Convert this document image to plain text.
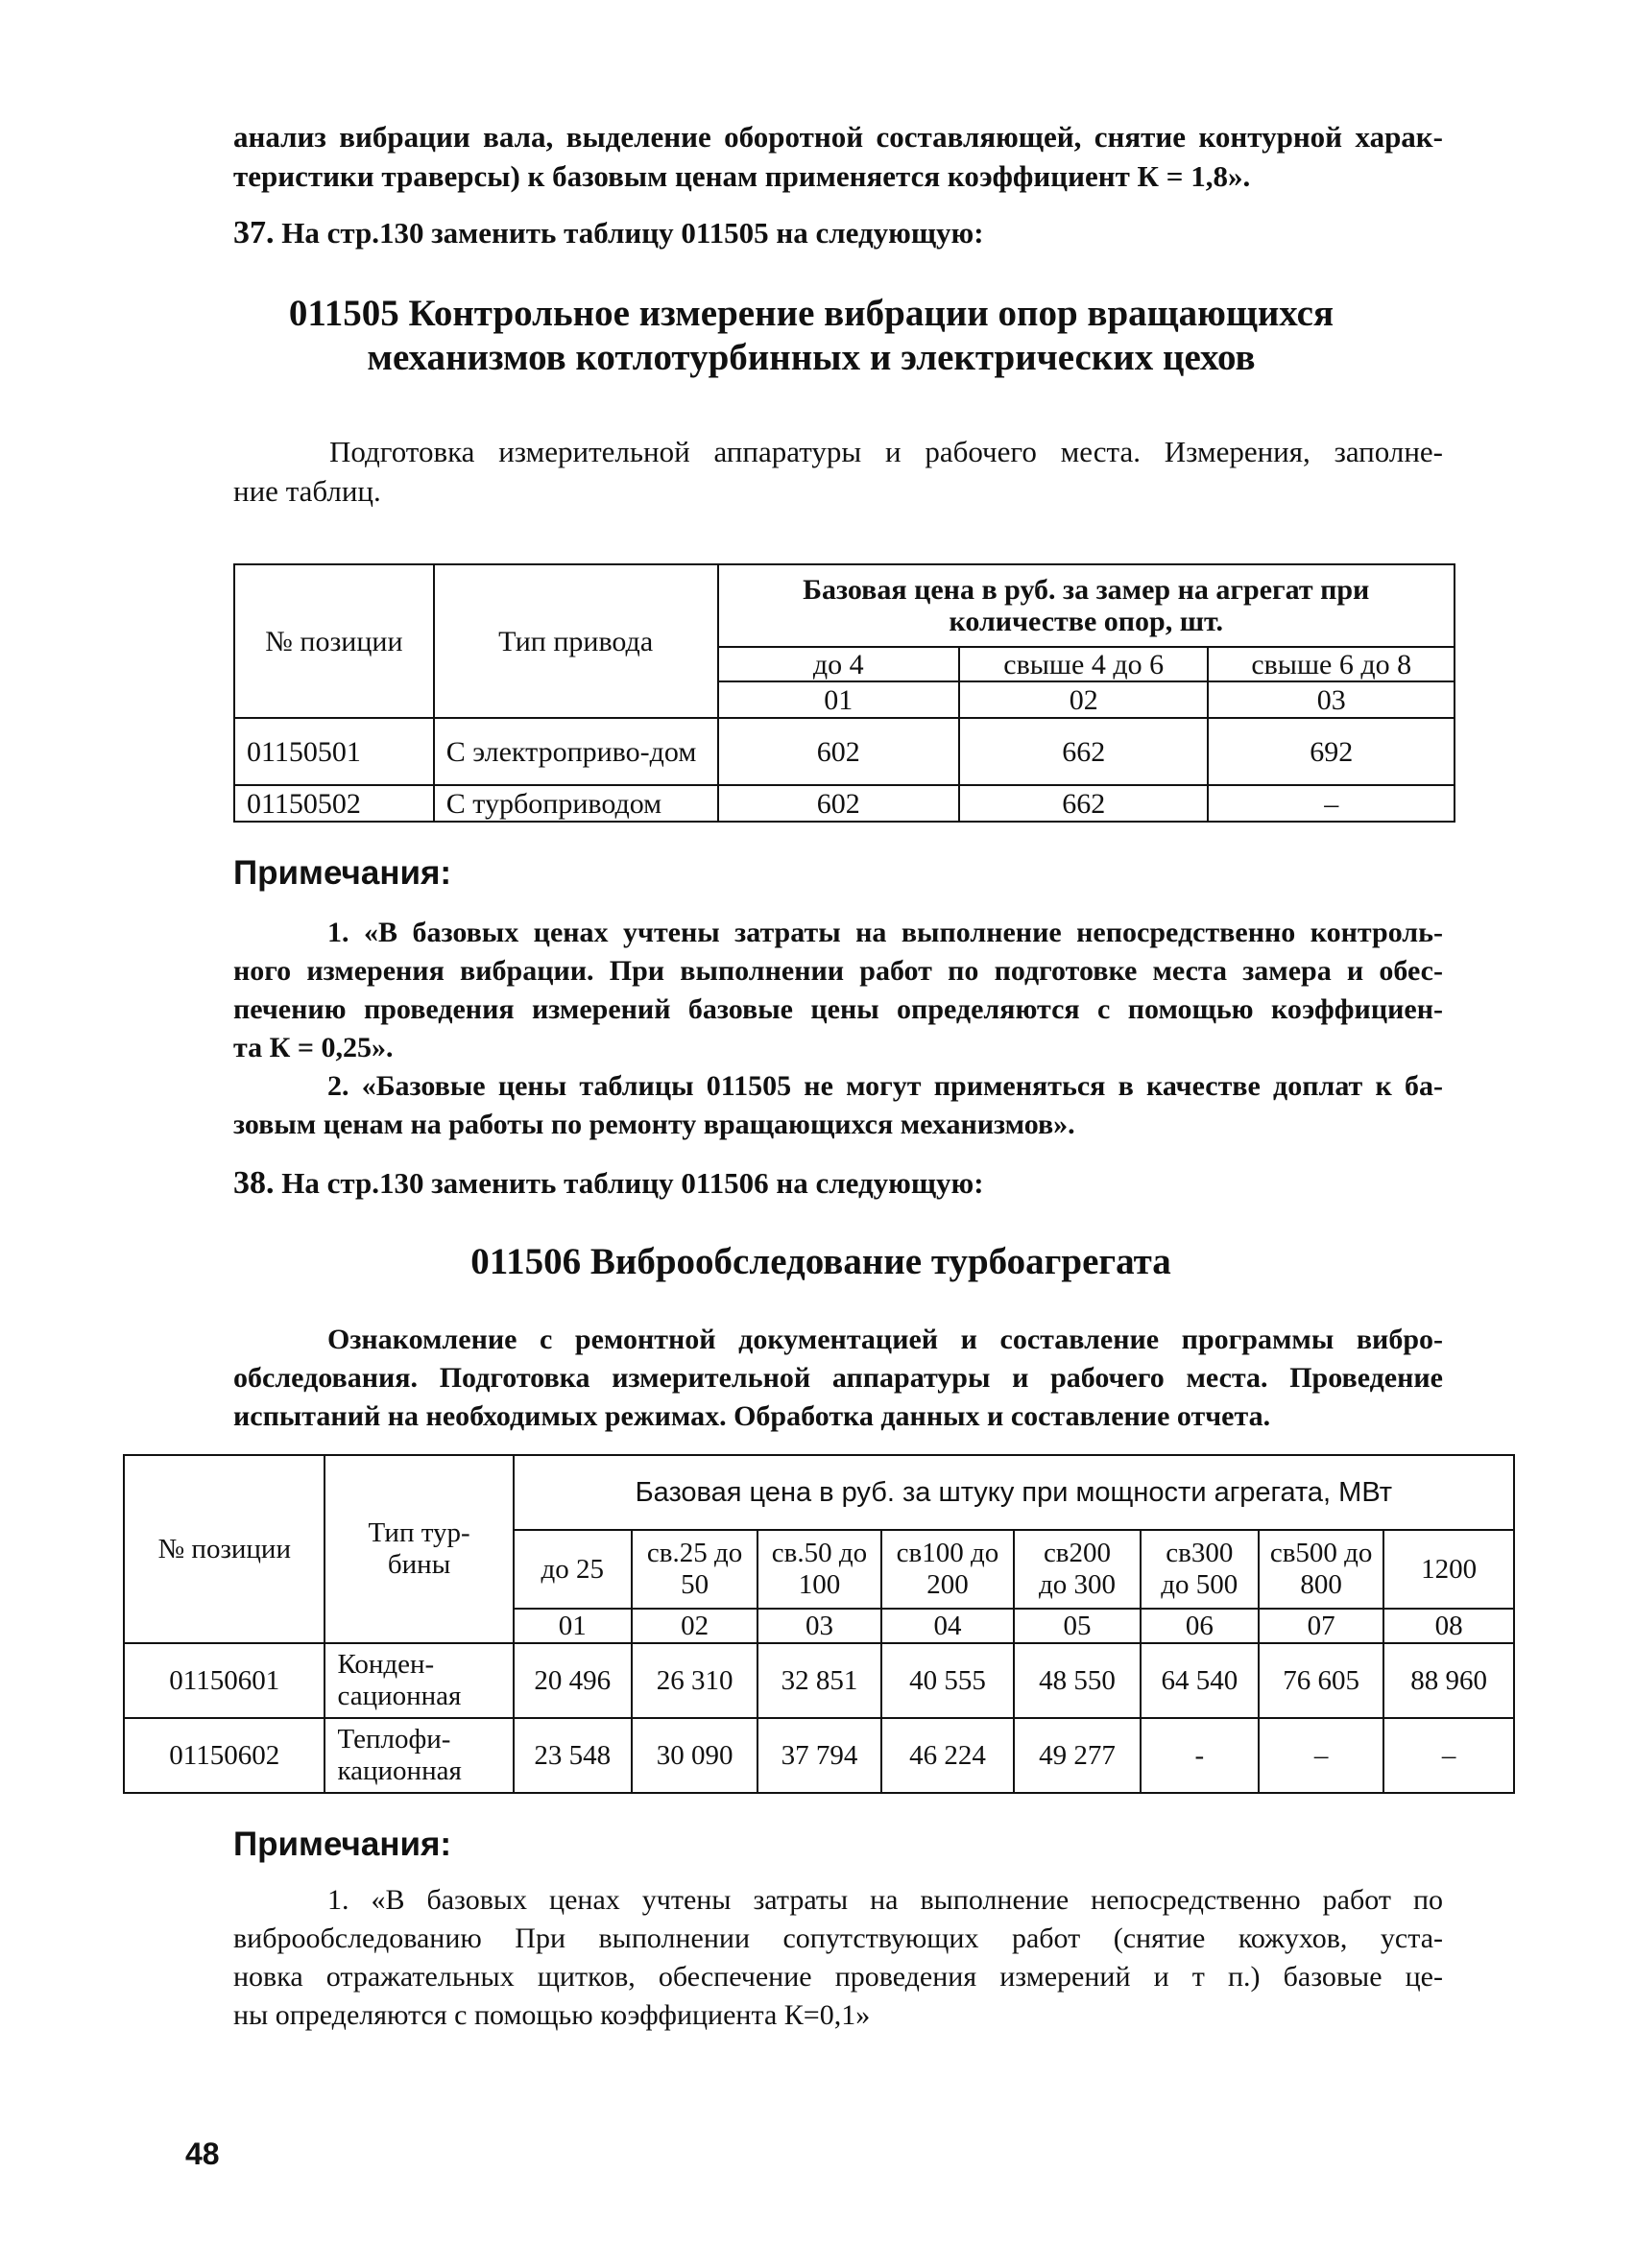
анализ вибрации вала, выделение оборотной составляющей, снятие контурной харак-
теристики траверсы) к базовым ценам применяется коэффициент К = 1,8».
37. На стр.130 заменить таблицу 011505 на следующую:
011505 Контрольное измерение вибрации опор вращающихся
механизмов котлотурбинных и электрических цехов
Подготовка измерительной аппаратуры и рабочего места. Измерения, заполне-
ние таблиц.
№ позиции	Тип привода	Базовая цена в руб. за замер на агрегат при количестве опор, шт.		
		до 4	свыше 4 до 6	свыше 6 до 8
		01	02	03
01150501	С электроприво-дом	602	662	692
01150502	С турбоприводом	602	662	–
Примечания:
1. «В базовых ценах учтены затраты на выполнение непосредственно контроль-
ного измерения вибрации. При выполнении работ по подготовке места замера и обес-
печению проведения измерений базовые цены определяются с помощью коэффициен-
та К = 0,25».
2. «Базовые цены таблицы 011505 не могут применяться в качестве доплат к ба-
зовым ценам на работы по ремонту вращающихся механизмов».
38. На стр.130 заменить таблицу 011506 на следующую:
011506 Виброобследование турбоагрегата
Ознакомление с ремонтной документацией и составление программы вибро-
обследования. Подготовка измерительной аппаратуры и рабочего места. Проведение
испытаний на необходимых режимах. Обработка данных и составление отчета.
№ позиции	Тип тур-бины	Базовая цена в руб. за штуку при мощности агрегата, МВт							
		до 25	св.25 до 50	св.50 до 100	св100 до 200	св200 до 300	св300 до 500	св500 до 800	1200
		01	02	03	04	05	06	07	08
01150601	Конден-сационная	20 496	26 310	32 851	40 555	48 550	64 540	76 605	88 960
01150602	Теплофи-кационная	23 548	30 090	37 794	46 224	49 277	-	–	–
Примечания:
1. «В базовых ценах учтены затраты на выполнение непосредственно работ по
виброобследованию При выполнении сопутствующих работ (снятие кожухов, уста-
новка отражательных щитков, обеспечение проведения измерений и т п.) базовые це-
ны определяются с помощью коэффициента К=0,1»
48
